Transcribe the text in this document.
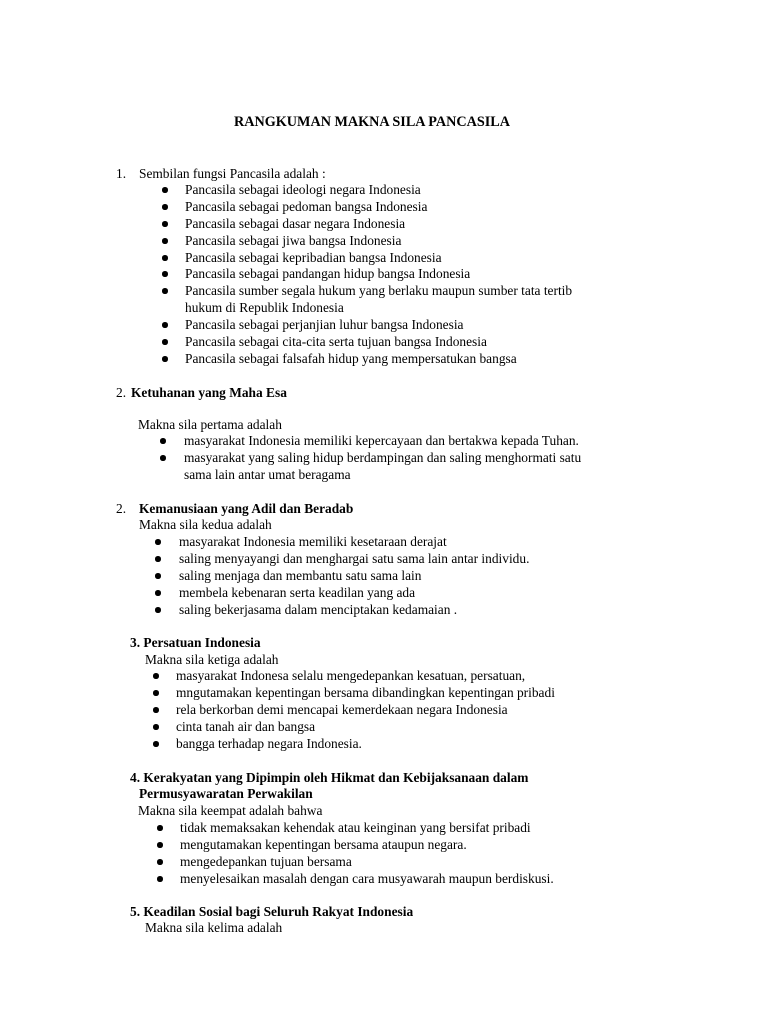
RANGKUMAN MAKNA SILA PANCASILA
1. Sembilan fungsi Pancasila adalah :
Pancasila sebagai ideologi negara Indonesia
Pancasila sebagai pedoman bangsa Indonesia
Pancasila sebagai dasar negara Indonesia
Pancasila sebagai jiwa bangsa Indonesia
Pancasila sebagai kepribadian bangsa Indonesia
Pancasila sebagai pandangan hidup bangsa Indonesia
Pancasila sumber segala hukum yang berlaku maupun sumber tata tertib
hukum di Republik Indonesia
Pancasila sebagai perjanjian luhur bangsa Indonesia
Pancasila sebagai cita-cita serta tujuan bangsa Indonesia
Pancasila sebagai falsafah hidup yang mempersatukan bangsa
2. Ketuhanan yang Maha Esa
Makna sila pertama adalah
masyarakat Indonesia memiliki kepercayaan dan bertakwa kepada Tuhan.
masyarakat yang saling hidup berdampingan dan saling menghormati satu
sama lain antar umat beragama
2. Kemanusiaan yang Adil dan Beradab
Makna sila kedua adalah
masyarakat Indonesia memiliki kesetaraan derajat
saling menyayangi dan menghargai satu sama lain antar individu.
saling menjaga dan membantu satu sama lain
membela kebenaran serta keadilan yang ada
saling bekerjasama dalam menciptakan kedamaian .
3. Persatuan Indonesia
Makna sila ketiga adalah
masyarakat Indonesa selalu mengedepankan kesatuan, persatuan,
mngutamakan kepentingan bersama dibandingkan kepentingan pribadi
rela berkorban demi mencapai kemerdekaan negara Indonesia
cinta tanah air dan bangsa
bangga terhadap negara Indonesia.
4. Kerakyatan yang Dipimpin oleh Hikmat dan Kebijaksanaan dalam
Permusyawaratan Perwakilan
Makna sila keempat adalah bahwa
tidak memaksakan kehendak atau keinginan yang bersifat pribadi
mengutamakan kepentingan bersama ataupun negara.
mengedepankan tujuan bersama
menyelesaikan masalah dengan cara musyawarah maupun berdiskusi.
5. Keadilan Sosial bagi Seluruh Rakyat Indonesia
Makna sila kelima adalah
